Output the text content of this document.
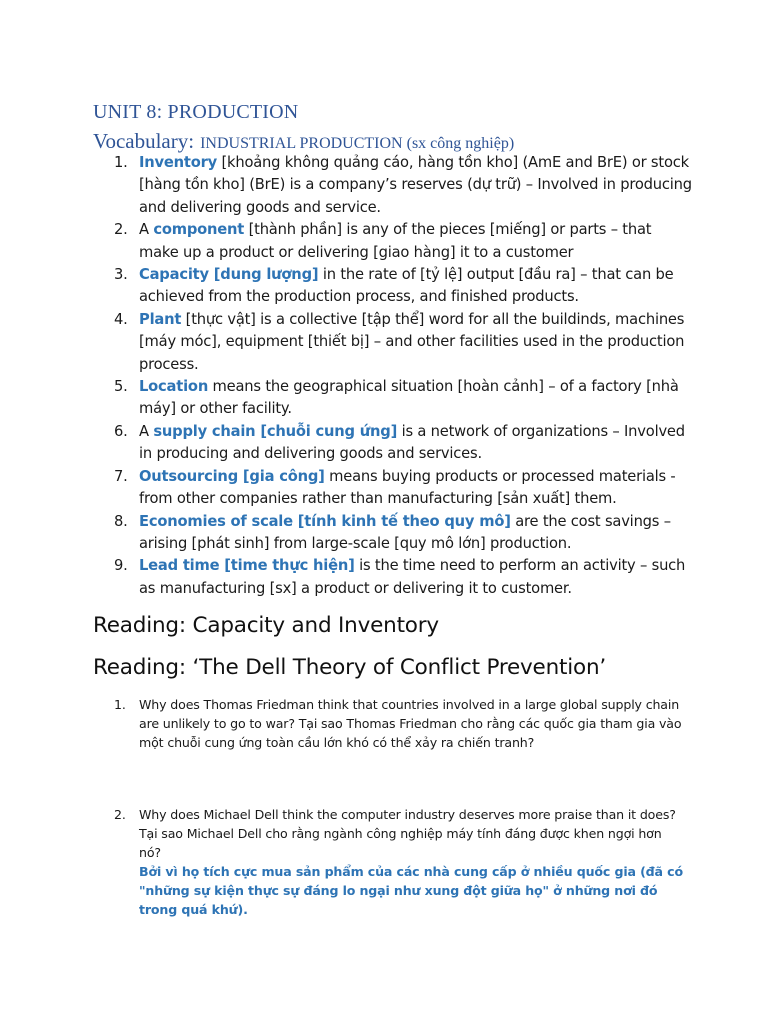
UNIT 8: PRODUCTION
Vocabulary: INDUSTRIAL PRODUCTION (sx công nghiệp)
1. Inventory [khoảng không quảng cáo, hàng tồn kho] (AmE and BrE) or stock [hàng tồn kho] (BrE) is a company’s reserves (dự trữ) – Involved in producing and delivering goods and service.
2. A component [thành phần] is any of the pieces [miếng] or parts – that make up a product or delivering [giao hàng] it to a customer
3. Capacity [dung lượng] in the rate of [tỷ lệ] output [đầu ra] – that can be achieved from the production process, and finished products.
4. Plant [thực vật] is a collective [tập thể] word for all the buildinds, machines [máy móc], equipment [thiết bị] – and other facilities used in the production process.
5. Location means the geographical situation [hoàn cảnh] – of a factory [nhà máy] or other facility.
6. A supply chain [chuỗi cung ứng] is a network of organizations – Involved in producing and delivering goods and services.
7. Outsourcing [gia công] means buying products or processed materials - from other companies rather than manufacturing [sản xuất] them.
8. Economies of scale [tính kinh tế theo quy mô] are the cost savings – arising [phát sinh] from large-scale [quy mô lớn] production.
9. Lead time [time thực hiện] is the time need to perform an activity – such as manufacturing [sx] a product or delivering it to customer.
Reading: Capacity and Inventory
Reading: ‘The Dell Theory of Conflict Prevention’
1. Why does Thomas Friedman think that countries involved in a large global supply chain are unlikely to go to war? Tại sao Thomas Friedman cho rằng các quốc gia tham gia vào một chuỗi cung ứng toàn cầu lớn khó có thể xảy ra chiến tranh?
2. Why does Michael Dell think the computer industry deserves more praise than it does? Tại sao Michael Dell cho rằng ngành công nghiệp máy tính đáng được khen ngợi hơn nó?
Bởi vì họ tích cực mua sản phẩm của các nhà cung cấp ở nhiều quốc gia (đã có "những sự kiện thực sự đáng lo ngại như xung đột giữa họ" ở những nơi đó trong quá khứ).
